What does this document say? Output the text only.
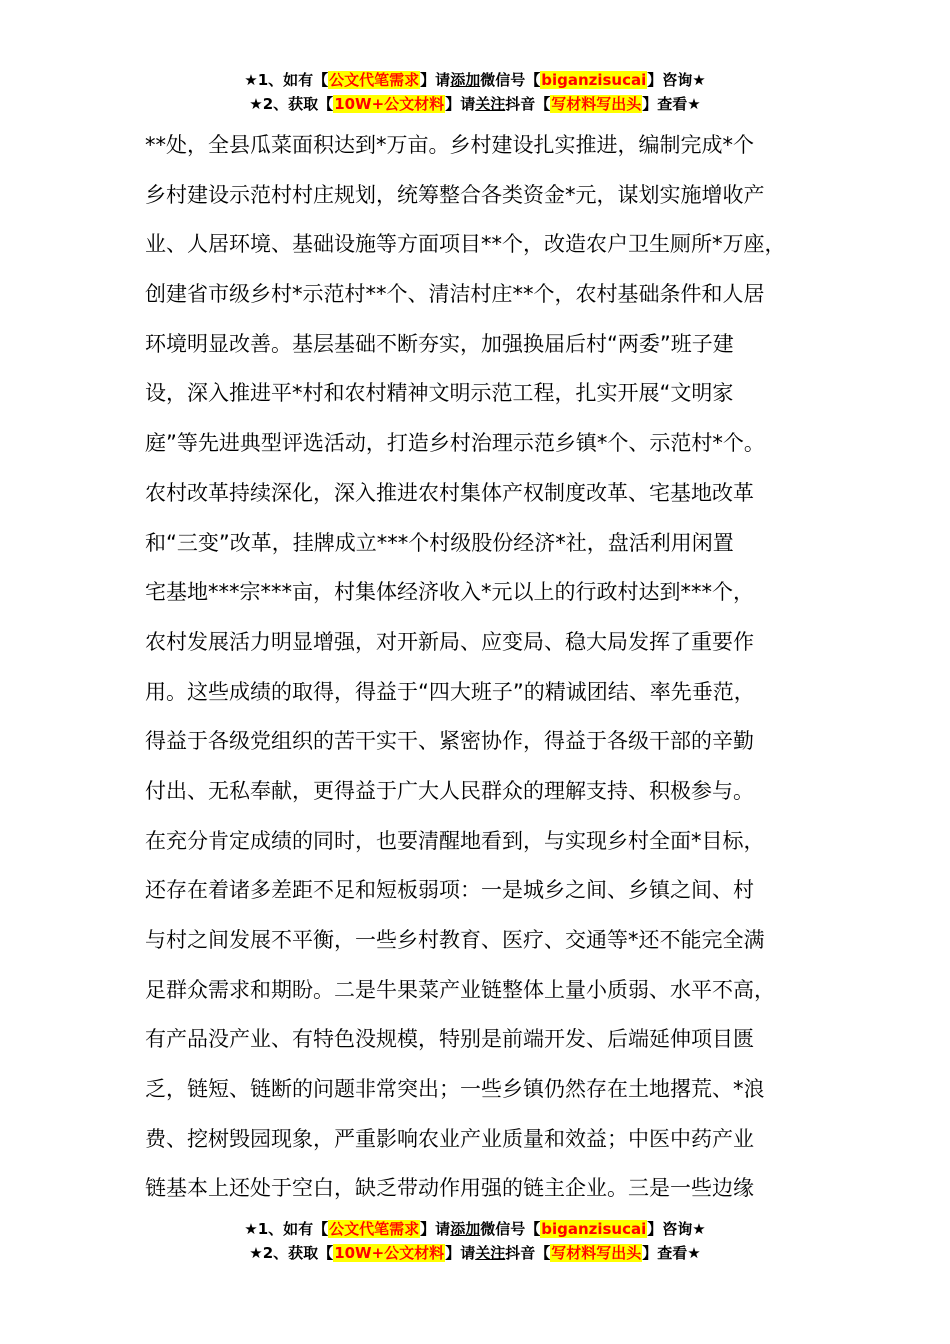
★1、如有【公文代笔需求】请添加微信号【biganzisucai】咨询★
★2、获取【10W+公文材料】请关注抖音【写材料写出头】查看★
**处，全县瓜菜面积达到*万亩。乡村建设扎实推进，编制完成*个
乡村建设示范村村庄规划，统筹整合各类资金*元，谋划实施增收产
业、人居环境、基础设施等方面项目**个，改造农户卫生厕所*万座，
创建省市级乡村*示范村**个、清洁村庄**个，农村基础条件和人居
环境明显改善。基层基础不断夯实，加强换届后村“两委”班子建
设，深入推进平*村和农村精神文明示范工程，扎实开展“文明家
庭”等先进典型评选活动，打造乡村治理示范乡镇*个、示范村*个。
农村改革持续深化，深入推进农村集体产权制度改革、宅基地改革
和“三变”改革，挂牌成立***个村级股份经济*社，盘活利用闲置
宅基地***宗***亩，村集体经济收入*元以上的行政村达到***个，
农村发展活力明显增强，对开新局、应变局、稳大局发挥了重要作
用。这些成绩的取得，得益于“四大班子”的精诚团结、率先垂范，
得益于各级党组织的苦干实干、紧密协作，得益于各级干部的辛勤
付出、无私奉献，更得益于广大人民群众的理解支持、积极参与。
在充分肯定成绩的同时，也要清醒地看到，与实现乡村全面*目标，
还存在着诸多差距不足和短板弱项：一是城乡之间、乡镇之间、村
与村之间发展不平衡，一些乡村教育、医疗、交通等*还不能完全满
足群众需求和期盼。二是牛果菜产业链整体上量小质弱、水平不高，
有产品没产业、有特色没规模，特别是前端开发、后端延伸项目匮
乏，链短、链断的问题非常突出；一些乡镇仍然存在土地撂荒、*浪
费、挖树毁园现象，严重影响农业产业质量和效益；中医中药产业
链基本上还处于空白，缺乏带动作用强的链主企业。三是一些边缘
★1、如有【公文代笔需求】请添加微信号【biganzisucai】咨询★
★2、获取【10W+公文材料】请关注抖音【写材料写出头】查看★
